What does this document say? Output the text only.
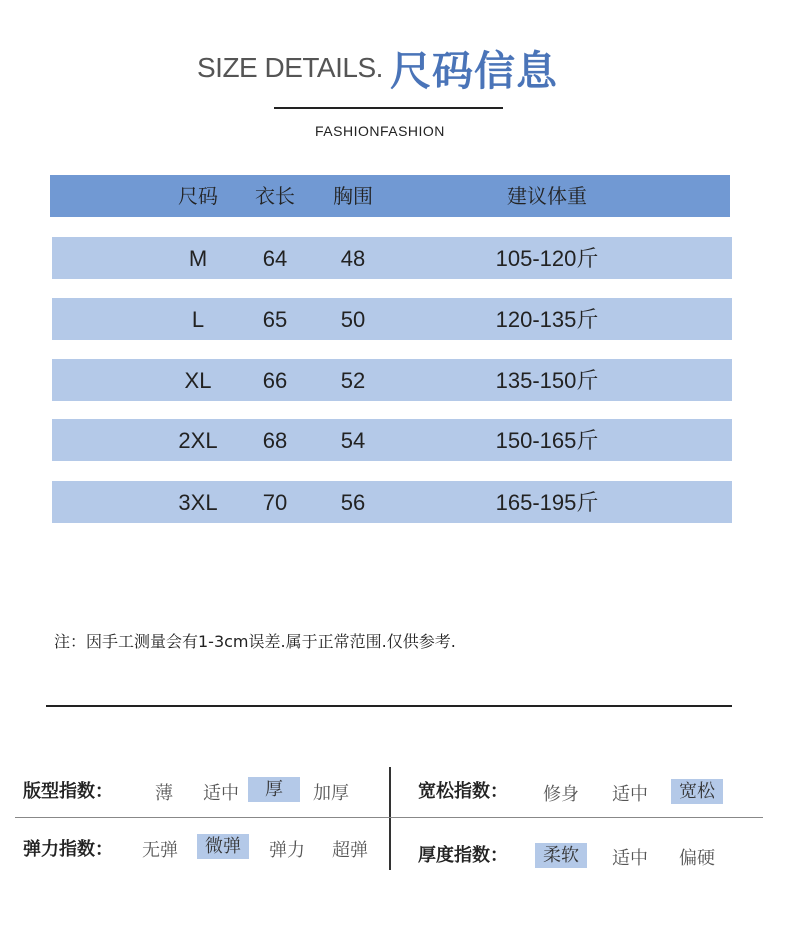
SIZE DETAILS. 尺码信息
FASHIONFASHION
尺码	衣长	胸围	建议体重
M	64	48	105-120斤
L	65	50	120-135斤
XL	66	52	135-150斤
2XL	68	54	150-165斤
3XL	70	56	165-195斤
注：因手工测量会有1-3cm误差.属于正常范围.仅供参考.
版型指数：	薄	适中	厚	加厚	宽松指数：	修身	适中	宽松
弹力指数：	无弹	微弹	弹力	超弹	厚度指数：	柔软	适中	偏硬
